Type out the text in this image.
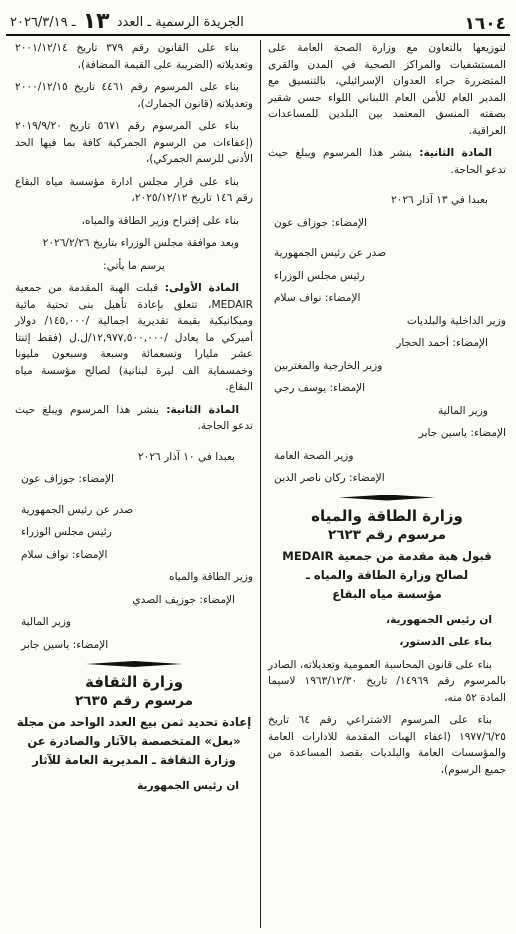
١٦٠٤
الجريدة الرسمية ـ العدد ١٣ ـ ٢٠٢٦/٣/١٩

لتوزيعها بالتعاون مع وزارة الصحة العامة على المستشفيات والمراكز الصحية في المدن والقرى المتضررة جراء العدوان الإسرائيلي، بالتنسيق مع المدير العام للأمن العام اللبناني اللواء حسن شقير بصفته المنسق المعتمد بين البلدين للمساعدات العراقية.

المادة الثانية: ينشر هذا المرسوم ويبلغ حيث تدعو الحاجة.

بعبدا في ١٣ آذار ٢٠٢٦

الإمضاء: جوزاف عون

صدر عن رئيس الجمهورية

رئيس مجلس الوزراء

الإمضاء: نواف سلام

وزير الداخلية والبلديات

الإمضاء: أحمد الحجار

وزير الخارجية والمغتربين

الإمضاء: يوسف رجي

وزير المالية

الإمضاء: ياسين جابر

وزير الصحة العامة

الإمضاء: ركان ناصر الدين

وزارة الطاقة والمياه
مرسوم رقم ٢٦٢٣
قبول هبة مقدمة من جمعية MEDAIR
لصالح وزارة الطاقة والمياه ـ
مؤسسة مياه البقاع

ان رئيس الجمهورية،

بناء على الدستور،

بناء على قانون المحاسبة العمومية وتعديلاته، الصادر بالمرسوم رقم ١٤٩٦٩/ تاريخ ١٩٦٣/١٢/٣٠ لاسيما المادة ٥٢ منه،

بناء على المرسوم الاشتراعي رقم ٦٤ تاريخ ١٩٧٧/٦/٢٥ (اعفاء الهبات المقدمة للادارات العامة والمؤسسات العامة والبلديات بقصد المساعدة من جميع الرسوم)،

بناء على القانون رقم ٣٧٩ تاريخ ٢٠٠١/١٢/١٤ وتعديلاته (الضريبة على القيمة المضافة)،

بناء على المرسوم رقم ٤٤٦١ تاريخ ٢٠٠٠/١٢/١٥ وتعديلاته (قانون الجمارك)،

بناء على المرسوم رقم ٥٦٧١ تاريخ ٢٠١٩/٩/٢٠ (إعفاءات من الرسوم الجمركية كافة بما فيها الحد الأدنى للرسم الجمركي)،

بناء على قرار مجلس ادارة مؤسسة مياه البقاع رقم ١٤٦ تاريخ ٢٠٢٥/١٢/١٢،

بناء على إقتراح وزير الطاقة والمياه،

وبعد موافقة مجلس الوزراء بتاريخ ٢٠٢٦/٢/٢٦

يرسم ما يأتي:

المادة الأولى: قبلت الهبة المقدمة من جمعية MEDAIR، تتعلق بإعادة تأهيل بنى تحتية مائية وميكانيكية بقيمة تقديرية اجمالية /١٤٥,٠٠٠/ دولار أميركي ما يعادل /١٢,٩٧٧,٥٠٠,٠٠٠/ل.ل (فقط إثنتا عشر مليارا وتسعمائة وسبعة وسبعون مليونا وخمسماية الف ليرة لبنانية) لصالح مؤسسة مياه البقاع.

المادة الثانية: ينشر هذا المرسوم ويبلغ حيث تدعو الحاجة.

بعبدا في ١٠ آذار ٢٠٢٦

الإمضاء: جوزاف عون

صدر عن رئيس الجمهورية

رئيس مجلس الوزراء

الإمضاء: نواف سلام

وزير الطاقة والمياه

الإمضاء: جوزيف الصدي

وزير المالية

الإمضاء: ياسين جابر

وزارة الثقافة
مرسوم رقم ٢٦٣٥
إعادة تحديد ثمن بيع العدد الواحد من مجلة «بعل» المتخصصة بالآثار والصادرة عن وزارة الثقافة ـ المديرية العامة للآثار

ان رئيس الجمهورية
